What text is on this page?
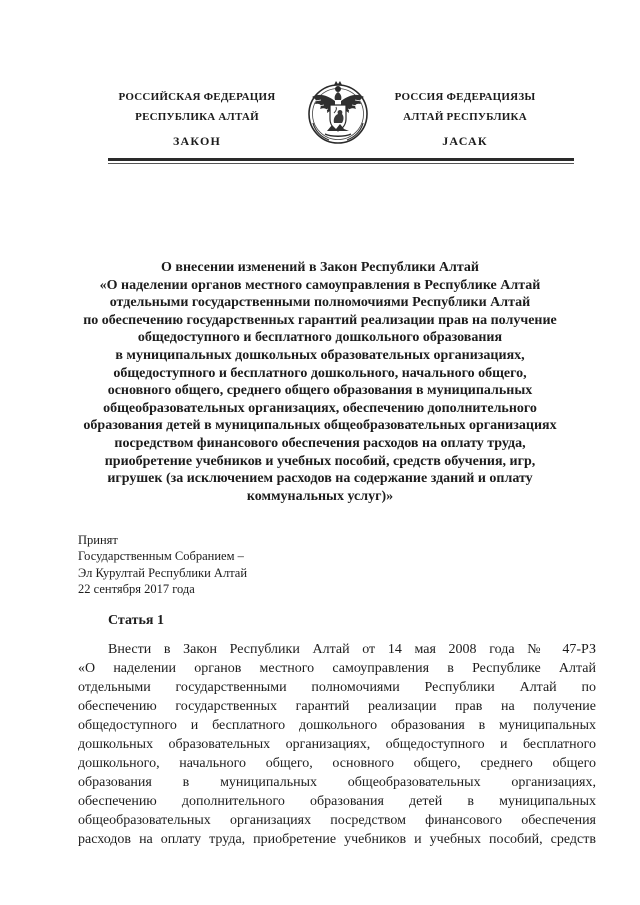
РОССИЙСКАЯ ФЕДЕРАЦИЯ
РЕСПУБЛИКА АЛТАЙ
ЗАКОН
РОССИЯ ФЕДЕРАЦИЯЗЫ
АЛТАЙ РЕСПУБЛИКА
ЈАСАК
О внесении изменений в Закон Республики Алтай
«О наделении органов местного самоуправления в Республике Алтай
отдельными государственными полномочиями Республики Алтай
по обеспечению государственных гарантий реализации прав на получение
общедоступного и бесплатного дошкольного образования
в муниципальных дошкольных образовательных организациях,
общедоступного и бесплатного дошкольного, начального общего,
основного общего, среднего общего образования в муниципальных
общеобразовательных организациях, обеспечению дополнительного
образования детей в муниципальных общеобразовательных организациях
посредством финансового обеспечения расходов на оплату труда,
приобретение учебников и учебных пособий, средств обучения, игр,
игрушек (за исключением расходов на содержание зданий и оплату
коммунальных услуг)»
Принят
Государственным Собранием –
Эл Курултай Республики Алтай
22 сентября 2017 года
Статья 1
Внести в Закон Республики Алтай от 14 мая 2008 года № 47-РЗ
«О наделении органов местного самоуправления в Республике Алтай
отдельными государственными полномочиями Республики Алтай по
обеспечению государственных гарантий реализации прав на получение
общедоступного и бесплатного дошкольного образования в муниципальных
дошкольных образовательных организациях, общедоступного и бесплатного
дошкольного, начального общего, основного общего, среднего общего
образования в муниципальных общеобразовательных организациях,
обеспечению дополнительного образования детей в муниципальных
общеобразовательных организациях посредством финансового обеспечения
расходов на оплату труда, приобретение учебников и учебных пособий, средств
